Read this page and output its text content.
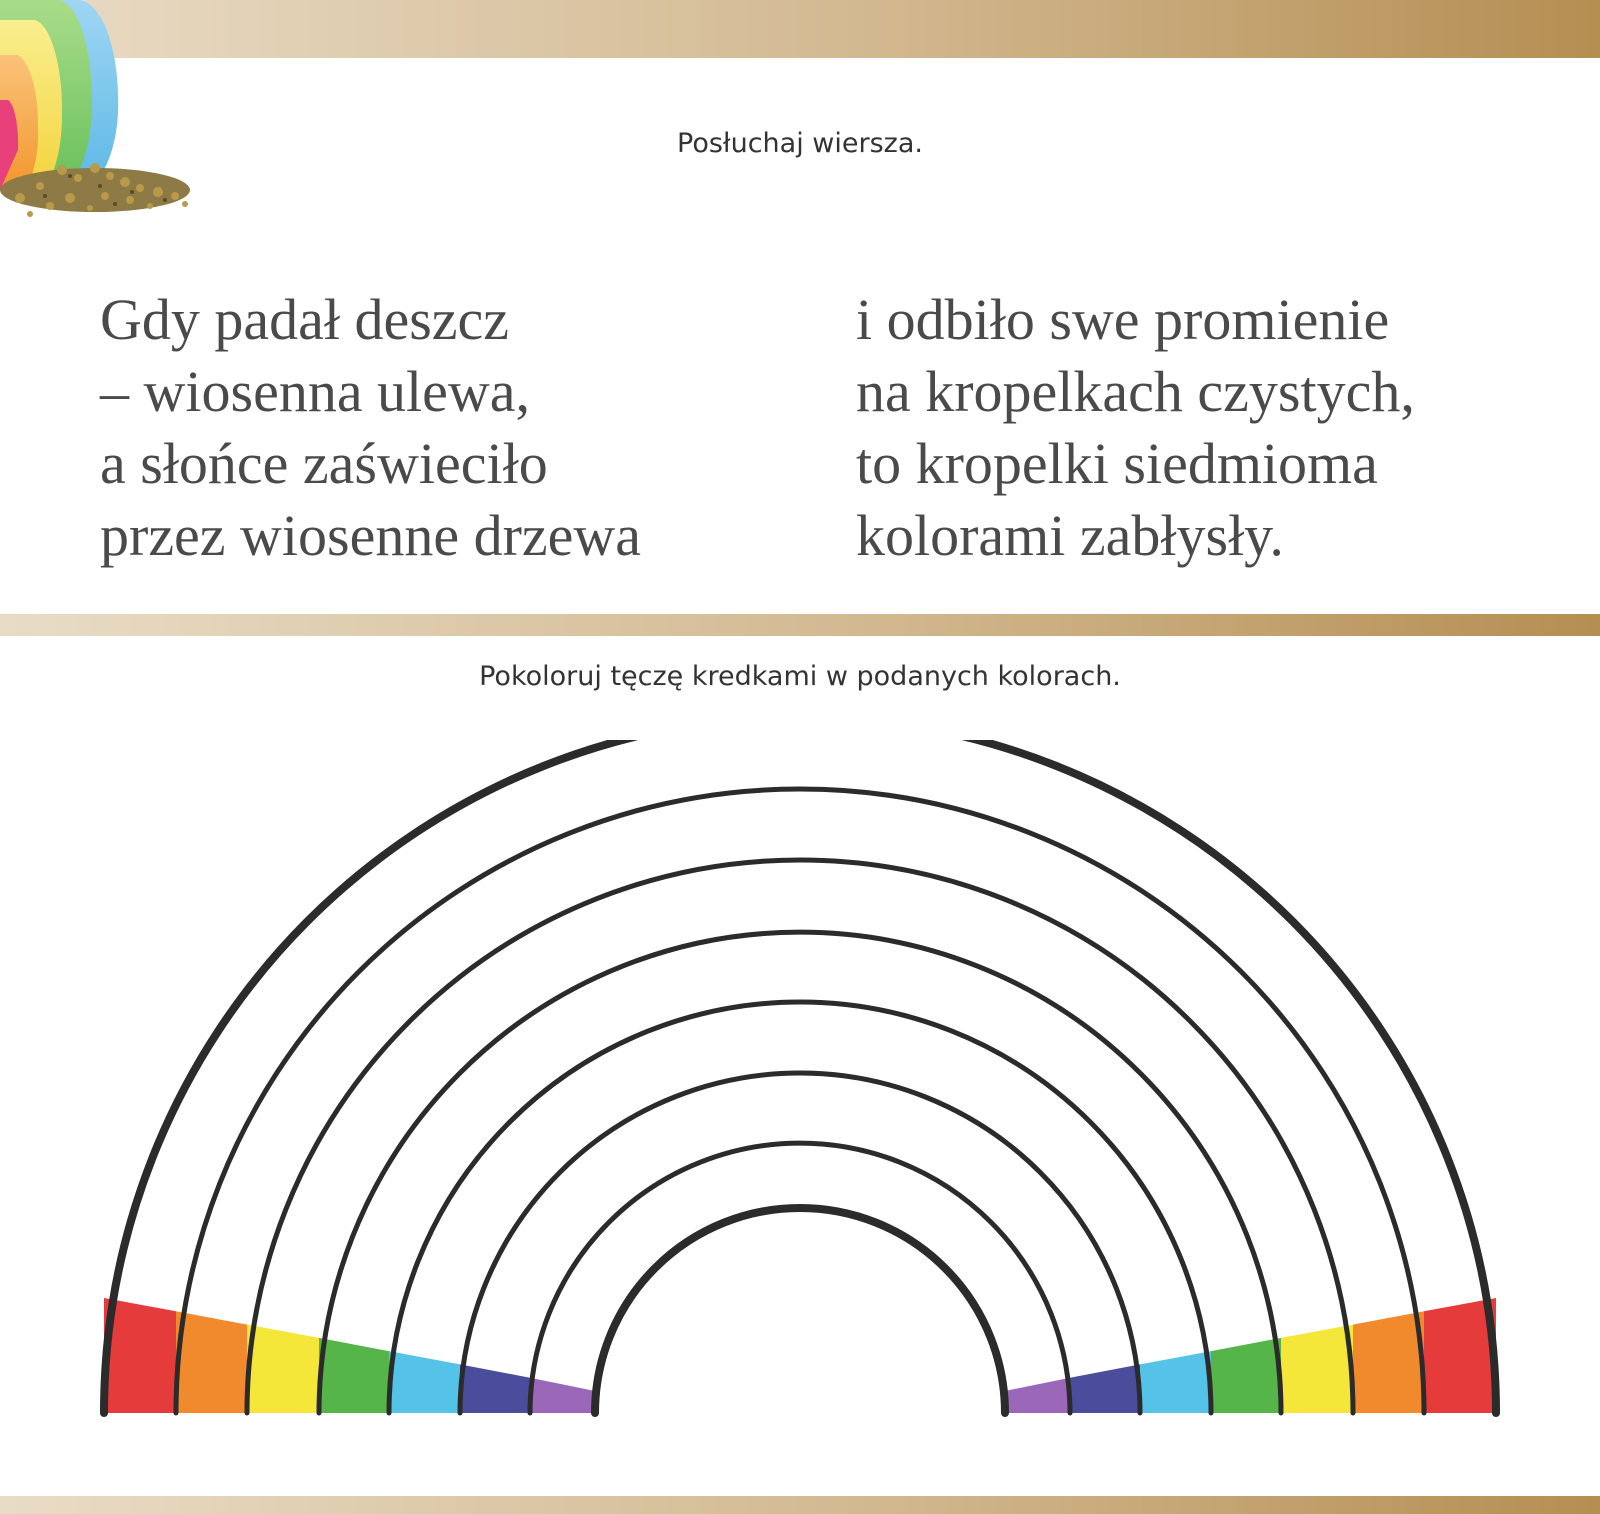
Posłuchaj wiersza.

Gdy padał deszcz
– wiosenna ulewa,
a słońce zaświeciło
przez wiosenne drzewa
i odbiło swe promienie
na kropelkach czystych,
to kropelki siedmioma
kolorami zabłysły.

Pokoloruj tęczę kredkami w podanych kolorach.
